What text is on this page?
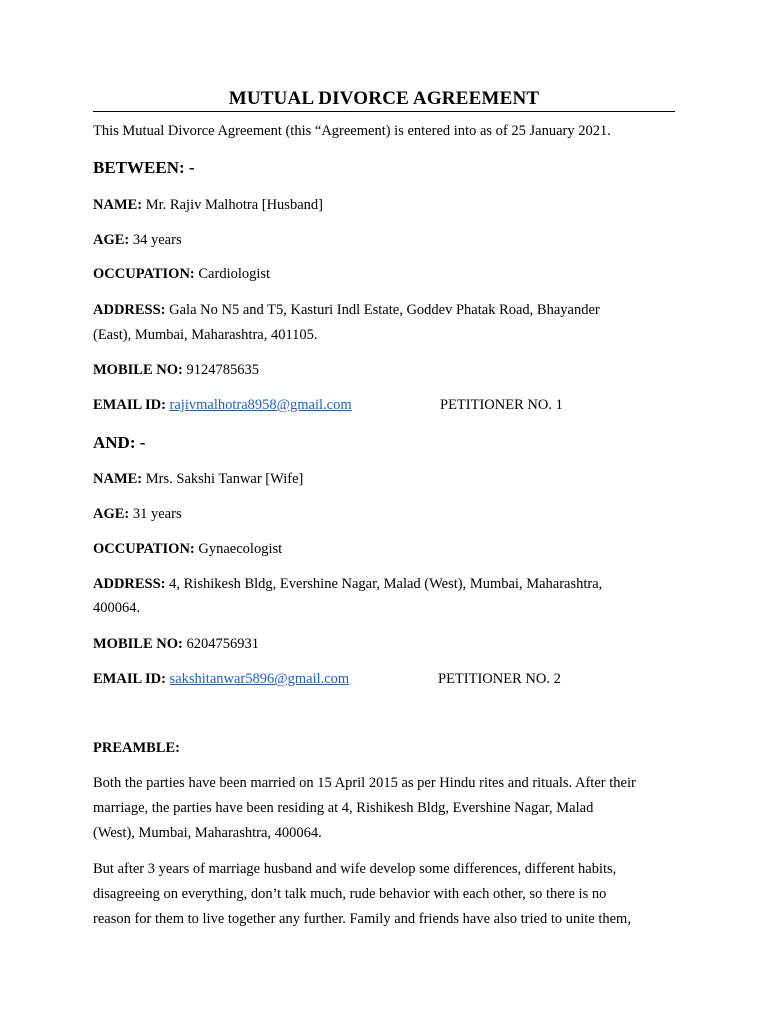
MUTUAL DIVORCE AGREEMENT
This Mutual Divorce Agreement (this “Agreement) is entered into as of 25 January 2021.
BETWEEN: -
NAME: Mr. Rajiv Malhotra [Husband]
AGE: 34 years
OCCUPATION: Cardiologist
ADDRESS: Gala No N5 and T5, Kasturi Indl Estate, Goddev Phatak Road, Bhayander
(East), Mumbai, Maharashtra, 401105.
MOBILE NO: 9124785635
EMAIL ID: rajivmalhotra8958@gmail.com	PETITIONER NO. 1
AND: -
NAME: Mrs. Sakshi Tanwar [Wife]
AGE: 31 years
OCCUPATION: Gynaecologist
ADDRESS: 4, Rishikesh Bldg, Evershine Nagar, Malad (West), Mumbai, Maharashtra,
400064.
MOBILE NO: 6204756931
EMAIL ID: sakshitanwar5896@gmail.com	PETITIONER NO. 2
PREAMBLE:
Both the parties have been married on 15 April 2015 as per Hindu rites and rituals. After their
marriage, the parties have been residing at 4, Rishikesh Bldg, Evershine Nagar, Malad
(West), Mumbai, Maharashtra, 400064.
But after 3 years of marriage husband and wife develop some differences, different habits,
disagreeing on everything, don’t talk much, rude behavior with each other, so there is no
reason for them to live together any further. Family and friends have also tried to unite them,
